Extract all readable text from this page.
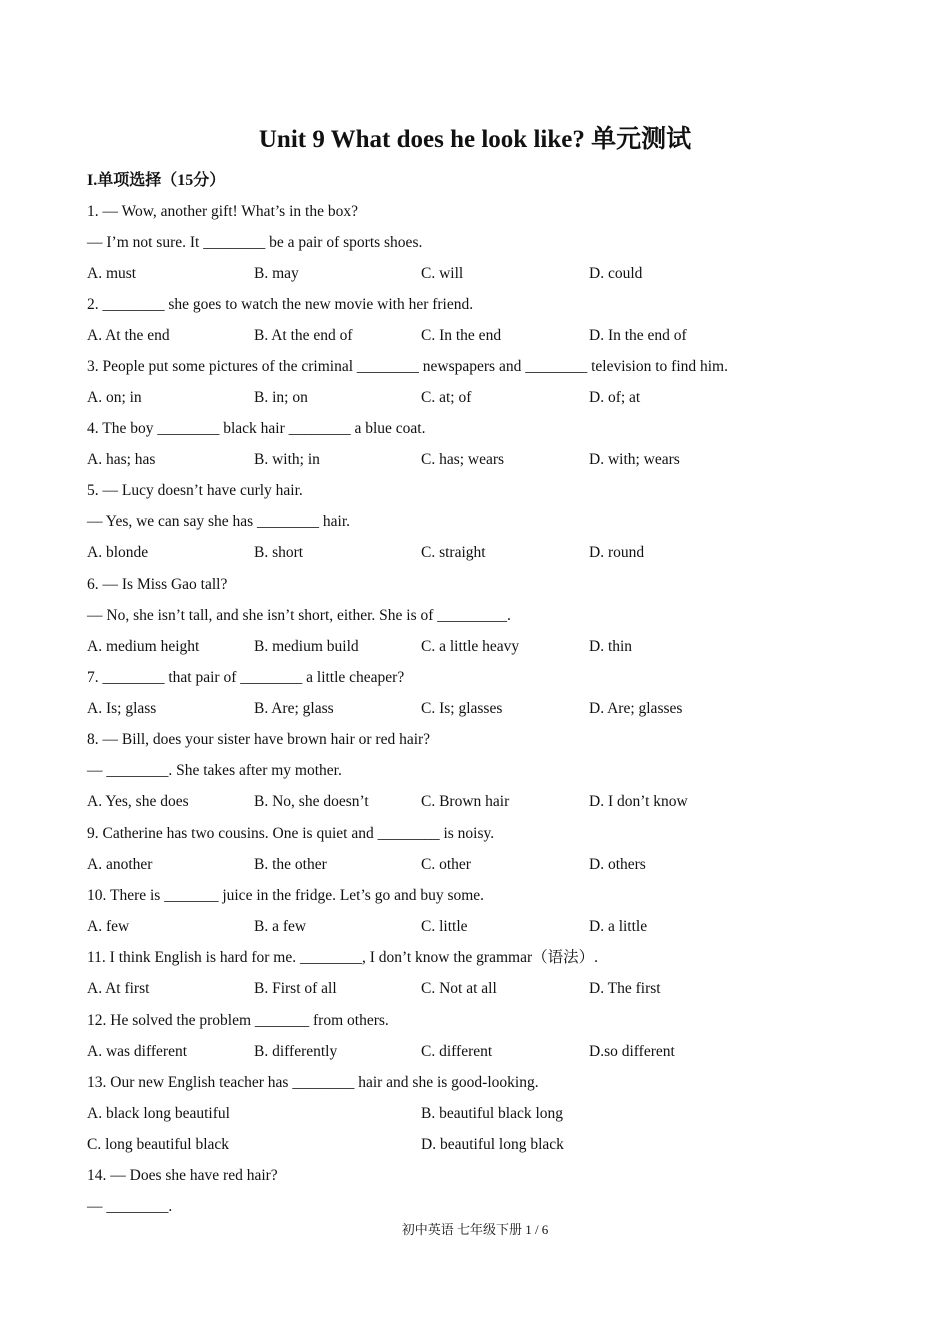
Unit 9 What does he look like? 单元测试
I.单项选择（15分）
1. — Wow, another gift! What’s in the box?
— I’m not sure. It ________ be a pair of sports shoes.
A. must	B. may	C. will	D. could
2. ________ she goes to watch the new movie with her friend.
A. At the end	B. At the end of	C. In the end	D. In the end of
3. People put some pictures of the criminal ________ newspapers and ________ television to find him.
A. on; in	B. in; on	C. at; of	D. of; at
4. The boy ________ black hair ________ a blue coat.
A. has; has	B. with; in	C. has; wears	D. with; wears
5. — Lucy doesn’t have curly hair.
— Yes, we can say she has ________ hair.
A. blonde	B. short	C. straight	D. round
6. — Is Miss Gao tall?
— No, she isn’t tall, and she isn’t short, either. She is of _________.
A. medium height	B. medium build	C. a little heavy	D. thin
7. ________ that pair of ________ a little cheaper?
A. Is; glass	B. Are; glass	C. Is; glasses	D. Are; glasses
8. — Bill, does your sister have brown hair or red hair?
— ________. She takes after my mother.
A. Yes, she does	B. No, she doesn’t	C. Brown hair	D. I don’t know
9. Catherine has two cousins. One is quiet and ________ is noisy.
A. another	B. the other	C. other	D. others
10. There is _______ juice in the fridge. Let’s go and buy some.
A. few	B. a few	C. little	D. a little
11. I think English is hard for me. ________, I don’t know the grammar（语法）.
A. At first	B. First of all	C. Not at all	D. The first
12. He solved the problem _______ from others.
A. was different	B. differently	C. different	D.so different
13. Our new English teacher has ________ hair and she is good-looking.
A. black long beautiful	B. beautiful black long
C. long beautiful black	D. beautiful long black
14. — Does she have red hair?
— ________.
初中英语 七年级下册 1 / 6
